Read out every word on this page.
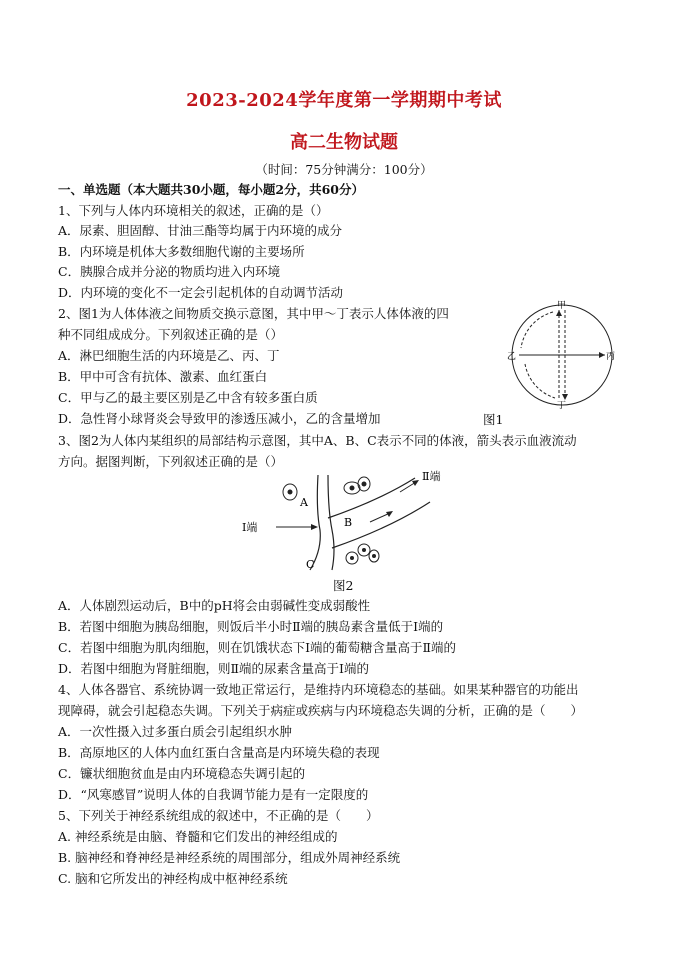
2023-2024学年度第一学期期中考试
高二生物试题
（时间：75分钟满分：100分）
一、单选题（本大题共30小题，每小题2分，共60分）
1、下列与人体内环境相关的叙述，正确的是（）
A．尿素、胆固醇、甘油三酯等均属于内环境的成分
B．内环境是机体大多数细胞代谢的主要场所
C．胰腺合成并分泌的物质均进入内环境
D．内环境的变化不一定会引起机体的自动调节活动
2、图1为人体体液之间物质交换示意图，其中甲～丁表示人体体液的四
种不同组成成分。下列叙述正确的是（）
A．淋巴细胞生活的内环境是乙、丙、丁
B．甲中可含有抗体、激素、血红蛋白
C．甲与乙的最主要区别是乙中含有较多蛋白质
D．急性肾小球肾炎会导致甲的渗透压减小，乙的含量增加	图1
甲
乙	丙
丁
3、图2为人体内某组织的局部结构示意图，其中A、B、C表示不同的体液，箭头表示血液流动
方向。据图判断，下列叙述正确的是（）
A
B
C
Ⅰ端
Ⅱ端
图2
A．人体剧烈运动后，B中的pH将会由弱碱性变成弱酸性
B．若图中细胞为胰岛细胞，则饭后半小时Ⅱ端的胰岛素含量低于Ⅰ端的
C．若图中细胞为肌肉细胞，则在饥饿状态下Ⅰ端的葡萄糖含量高于Ⅱ端的
D．若图中细胞为肾脏细胞，则Ⅱ端的尿素含量高于Ⅰ端的
4、人体各器官、系统协调一致地正常运行，是维持内环境稳态的基础。如果某种器官的功能出
现障碍，就会引起稳态失调。下列关于病症或疾病与内环境稳态失调的分析，正确的是（　　）
A．一次性摄入过多蛋白质会引起组织水肿
B．高原地区的人体内血红蛋白含量高是内环境失稳的表现
C．镰状细胞贫血是由内环境稳态失调引起的
D．“风寒感冒”说明人体的自我调节能力是有一定限度的
5、下列关于神经系统组成的叙述中，不正确的是（　　）
A. 神经系统是由脑、脊髓和它们发出的神经组成的
B. 脑神经和脊神经是神经系统的周围部分，组成外周神经系统
C. 脑和它所发出的神经构成中枢神经系统
